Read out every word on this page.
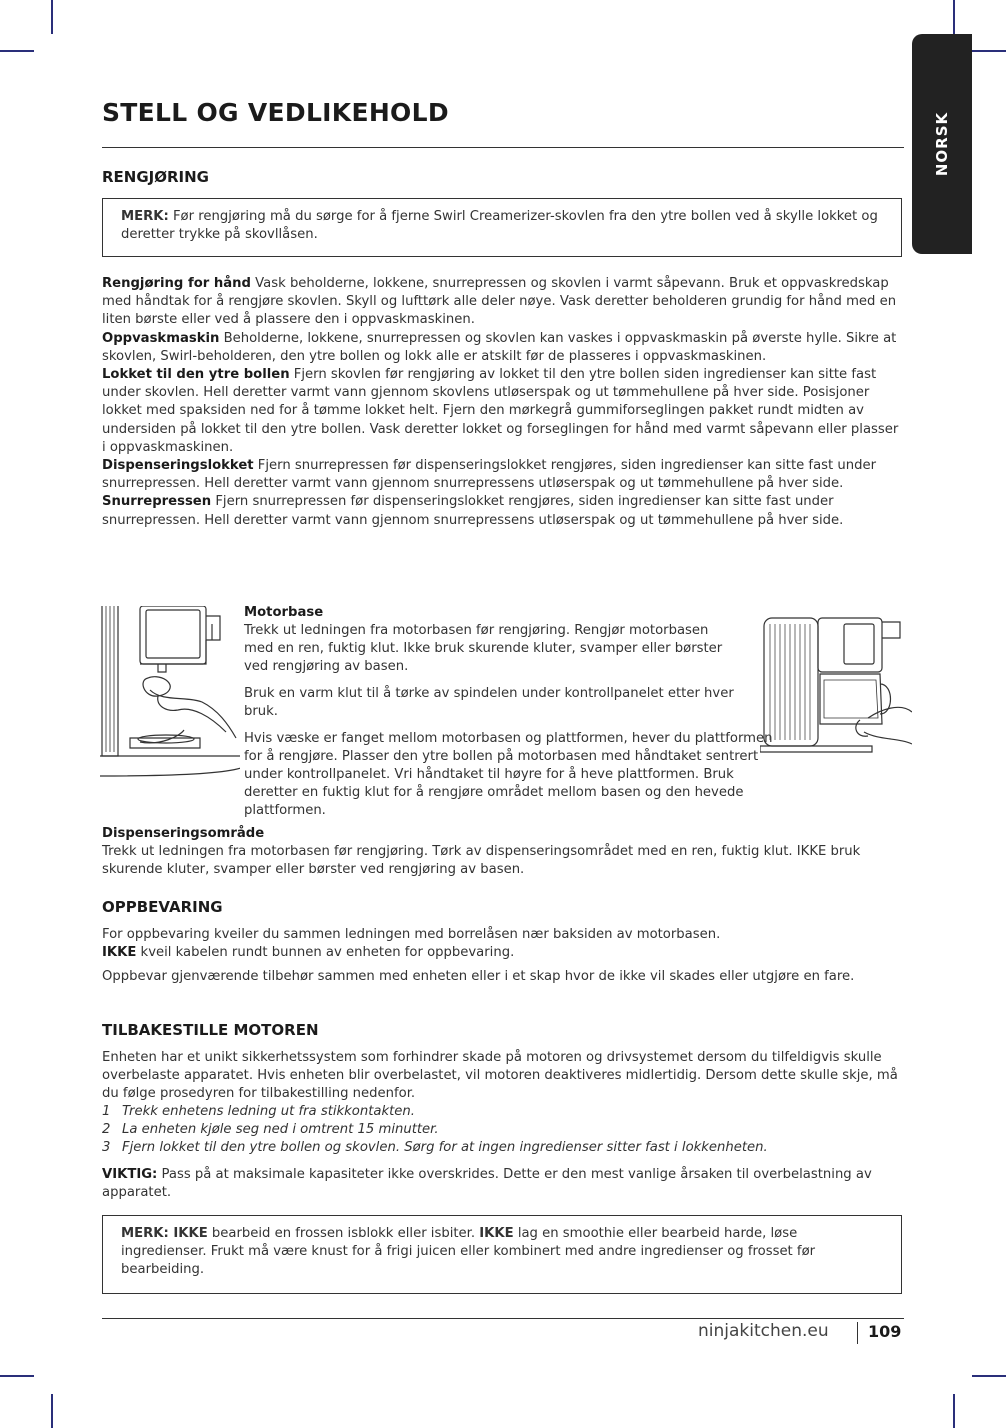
NORSK
STELL OG VEDLIKEHOLD
RENGJØRING
MERK: Før rengjøring må du sørge for å fjerne Swirl Creamerizer-skovlen fra den ytre bollen ved å skylle lokket og deretter trykke på skovllåsen.

Rengjøring for hånd Vask beholderne, lokkene, snurrepressen og skovlen i varmt såpevann. Bruk et oppvaskredskap med håndtak for å rengjøre skovlen. Skyll og lufttørk alle deler nøye. Vask deretter beholderen grundig for hånd med en liten børste eller ved å plassere den i oppvaskmaskinen.

Oppvaskmaskin Beholderne, lokkene, snurrepressen og skovlen kan vaskes i oppvaskmaskin på øverste hylle. Sikre at skovlen, Swirl-beholderen, den ytre bollen og lokk alle er atskilt før de plasseres i oppvaskmaskinen.

Lokket til den ytre bollen Fjern skovlen før rengjøring av lokket til den ytre bollen siden ingredienser kan sitte fast under skovlen. Hell deretter varmt vann gjennom skovlens utløserspak og ut tømmehullene på hver side. Posisjoner lokket med spaksiden ned for å tømme lokket helt. Fjern den mørkegrå gummiforseglingen pakket rundt midten av undersiden på lokket til den ytre bollen. Vask deretter lokket og forseglingen for hånd med varmt såpevann eller plasser i oppvaskmaskinen.

Dispenseringslokket Fjern snurrepressen før dispenseringslokket rengjøres, siden ingredienser kan sitte fast under snurrepressen. Hell deretter varmt vann gjennom snurrepressens utløserspak og ut tømmehullene på hver side.

Snurrepressen Fjern snurrepressen før dispenseringslokket rengjøres, siden ingredienser kan sitte fast under snurrepressen. Hell deretter varmt vann gjennom snurrepressens utløserspak og ut tømmehullene på hver side.

Motorbase

Trekk ut ledningen fra motorbasen før rengjøring. Rengjør motorbasen med en ren, fuktig klut. Ikke bruk skurende kluter, svamper eller børster ved rengjøring av basen.

Bruk en varm klut til å tørke av spindelen under kontrollpanelet etter hver bruk.

Hvis væske er fanget mellom motorbasen og plattformen, hever du plattformen for å rengjøre. Plasser den ytre bollen på motorbasen med håndtaket sentrert under kontrollpanelet. Vri håndtaket til høyre for å heve plattformen. Bruk deretter en fuktig klut for å rengjøre området mellom basen og den hevede plattformen.

Dispenseringsområde

Trekk ut ledningen fra motorbasen før rengjøring. Tørk av dispenseringsområdet med en ren, fuktig klut. IKKE bruk skurende kluter, svamper eller børster ved rengjøring av basen.

OPPBEVARING

For oppbevaring kveiler du sammen ledningen med borrelåsen nær baksiden av motorbasen.

IKKE kveil kabelen rundt bunnen av enheten for oppbevaring.

Oppbevar gjenværende tilbehør sammen med enheten eller i et skap hvor de ikke vil skades eller utgjøre en fare.

TILBAKESTILLE MOTOREN
Enheten har et unikt sikkerhetssystem som forhindrer skade på motoren og drivsystemet dersom du tilfeldigvis skulle overbelaste apparatet. Hvis enheten blir overbelastet, vil motoren deaktiveres midlertidig. Dersom dette skulle skje, må du følge prosedyren for tilbakestilling nedenfor.
1 Trekk enhetens ledning ut fra stikkontakten.
2 La enheten kjøle seg ned i omtrent 15 minutter.
3 Fjern lokket til den ytre bollen og skovlen. Sørg for at ingen ingredienser sitter fast i lokkenheten.
VIKTIG: Pass på at maksimale kapasiteter ikke overskrides. Dette er den mest vanlige årsaken til overbelastning av apparatet.
MERK: IKKE bearbeid en frossen isblokk eller isbiter. IKKE lag en smoothie eller bearbeid harde, løse ingredienser. Frukt må være knust for å frigi juicen eller kombinert med andre ingredienser og frosset før bearbeiding.
ninjakitchen.eu 109
